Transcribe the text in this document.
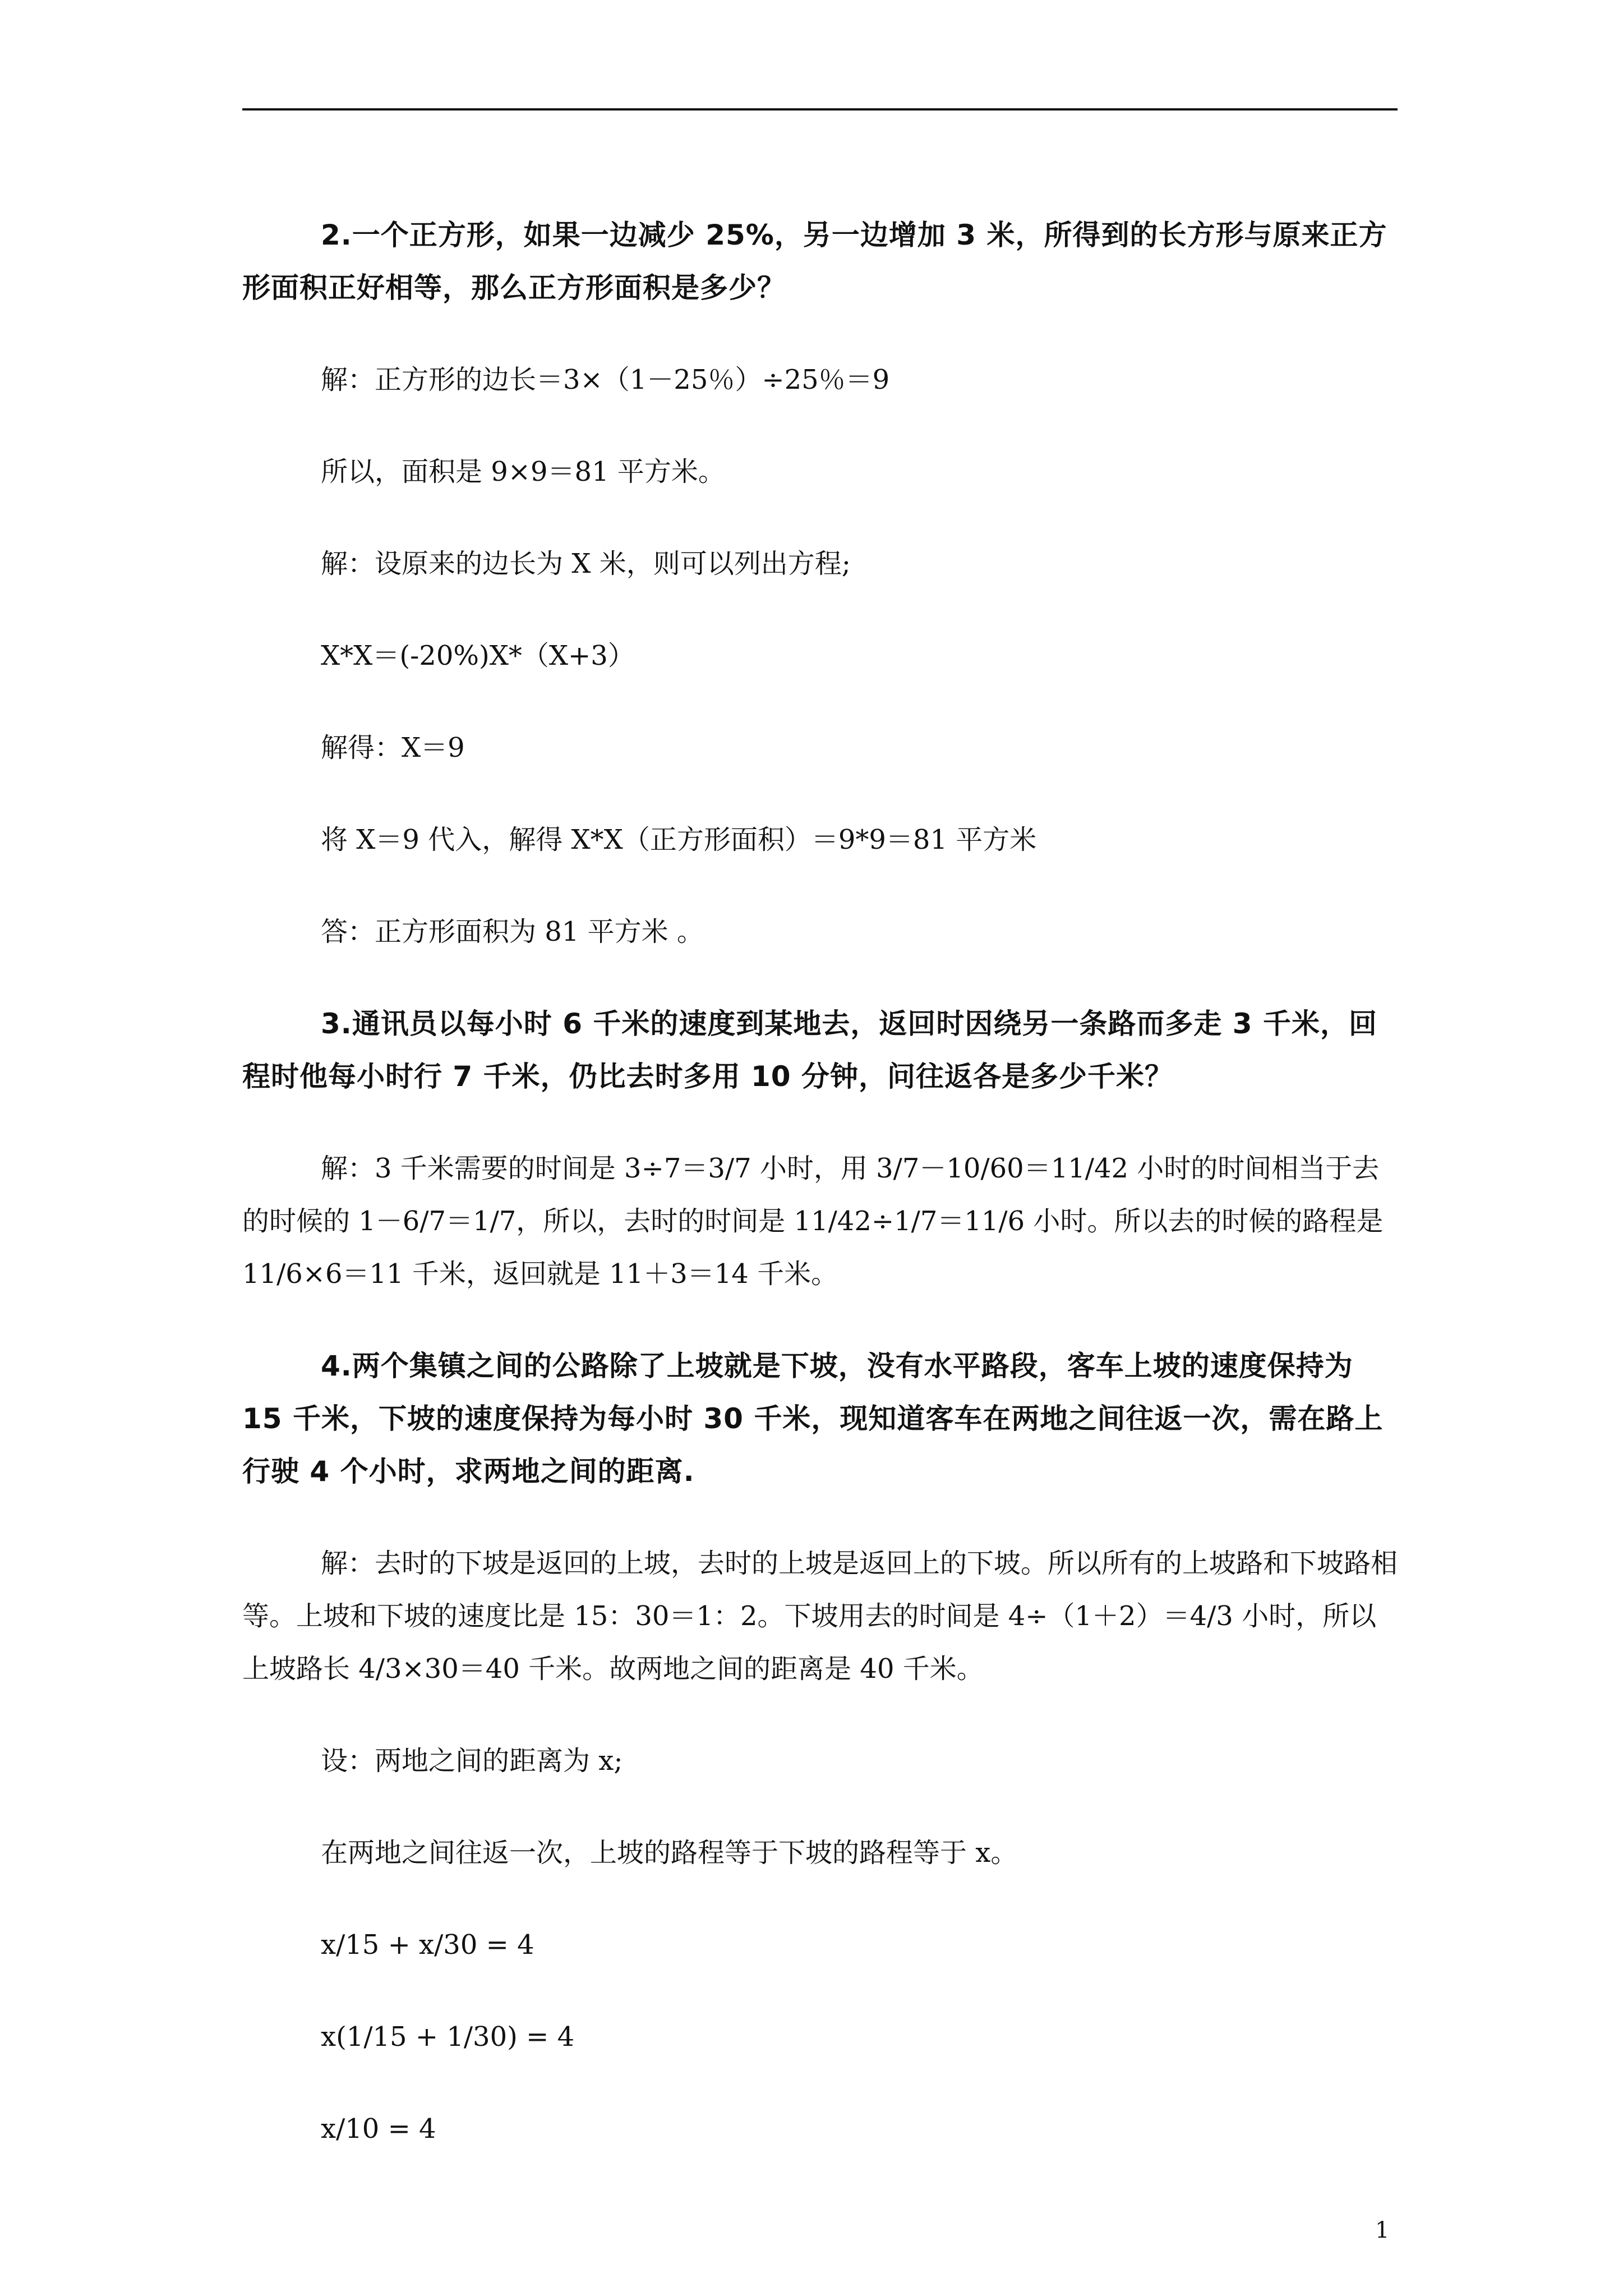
2.一个正方形，如果一边减少 25%，另一边增加 3 米，所得到的长方形与原来正方形面积正好相等，那么正方形面积是多少？

解：正方形的边长＝3×（1－25％）÷25％＝9

所以，面积是 9×9＝81 平方米。

解：设原来的边长为 X 米，则可以列出方程;

X*X＝(-20%)X*（X+3）

解得：X＝9

将 X＝9 代入，解得 X*X（正方形面积）＝9*9＝81 平方米

答：正方形面积为 81 平方米 。

3.通讯员以每小时 6 千米的速度到某地去，返回时因绕另一条路而多走 3 千米，回程时他每小时行 7 千米，仍比去时多用 10 分钟，问往返各是多少千米？

解：3 千米需要的时间是 3÷7＝3/7 小时，用 3/7－10/60＝11/42 小时的时间相当于去的时候的 1－6/7＝1/7，所以，去时的时间是 11/42÷1/7＝11/6 小时。所以去的时候的路程是 11/6×6＝11 千米，返回就是 11＋3＝14 千米。

4.两个集镇之间的公路除了上坡就是下坡，没有水平路段，客车上坡的速度保持为 15 千米，下坡的速度保持为每小时 30 千米，现知道客车在两地之间往返一次，需在路上行驶 4 个小时，求两地之间的距离.

解：去时的下坡是返回的上坡，去时的上坡是返回上的下坡。所以所有的上坡路和下坡路相等。上坡和下坡的速度比是 15：30＝1：2。下坡用去的时间是 4÷（1＋2）＝4/3 小时，所以上坡路长 4/3×30＝40 千米。故两地之间的距离是 40 千米。

设：两地之间的距离为 x;

在两地之间往返一次，上坡的路程等于下坡的路程等于 x。

x/15 + x/30 = 4

x(1/15 + 1/30) = 4

x/10 = 4

1
